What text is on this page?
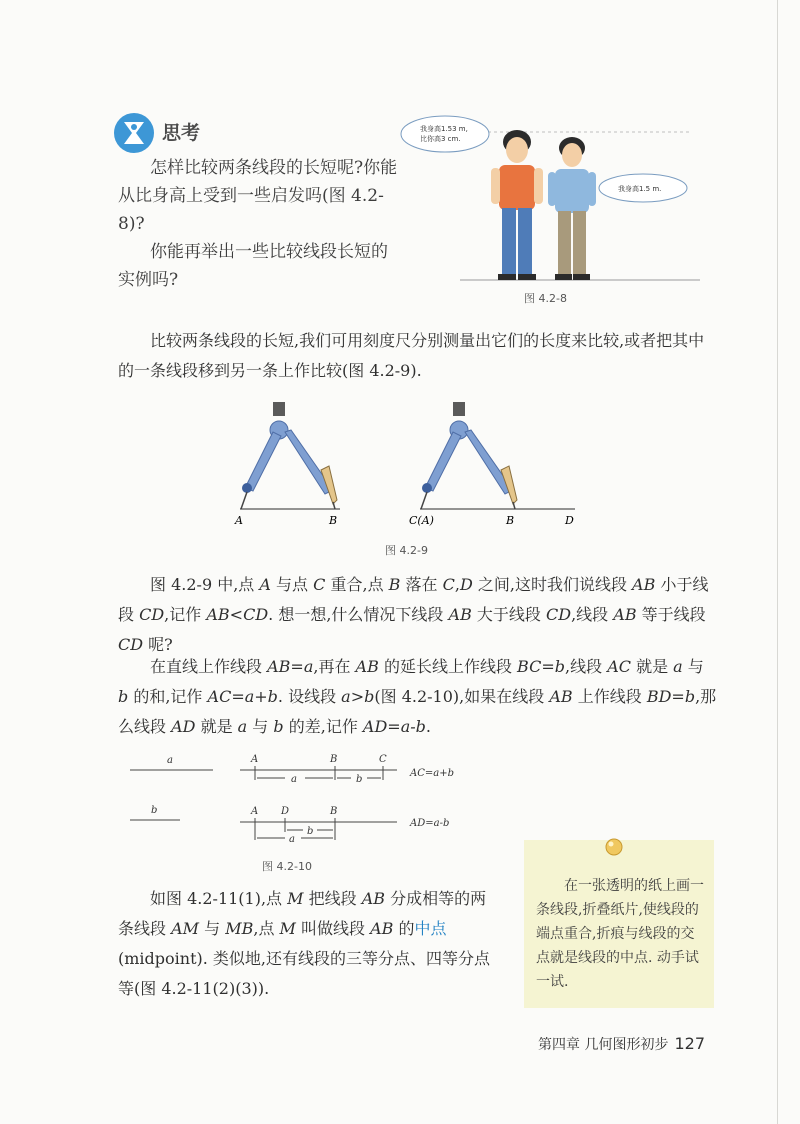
思考

怎样比较两条线段的长短呢?你能从比身高上受到一些启发吗(图 4.2-8)?

你能再举出一些比较线段长短的实例吗?

我身高1.53 m,
比你高3 cm.
我身高1.5 m.
图 4.2-8

比较两条线段的长短,我们可用刻度尺分别测量出它们的长度来比较,或者把其中的一条线段移到另一条上作比较(图 4.2-9).

A	B	C(A)	B	D
图 4.2-9

图 4.2-9 中,点 A 与点 C 重合,点 B 落在 C,D 之间,这时我们说线段 AB 小于线段 CD,记作 AB<CD. 想一想,什么情况下线段 AB 大于线段 CD,线段 AB 等于线段 CD 呢?

在直线上作线段 AB=a,再在 AB 的延长线上作线段 BC=b,线段 AC 就是 a 与 b 的和,记作 AC=a+b. 设线段 a>b(图 4.2-10),如果在线段 AB 上作线段 BD=b,那么线段 AD 就是 a 与 b 的差,记作 AD=a-b.

a
b
A	B	C
a	b
AC=a+b
A D	B
b
a
AD=a-b
图 4.2-10

如图 4.2-11(1),点 M 把线段 AB 分成相等的两条线段 AM 与 MB,点 M 叫做线段 AB 的中点(midpoint). 类似地,还有线段的三等分点、四等分点等(图 4.2-11(2)(3)).

在一张透明的纸上画一条线段,折叠纸片,使线段的端点重合,折痕与线段的交点就是线段的中点. 动手试一试.

第四章 几何图形初步 127
